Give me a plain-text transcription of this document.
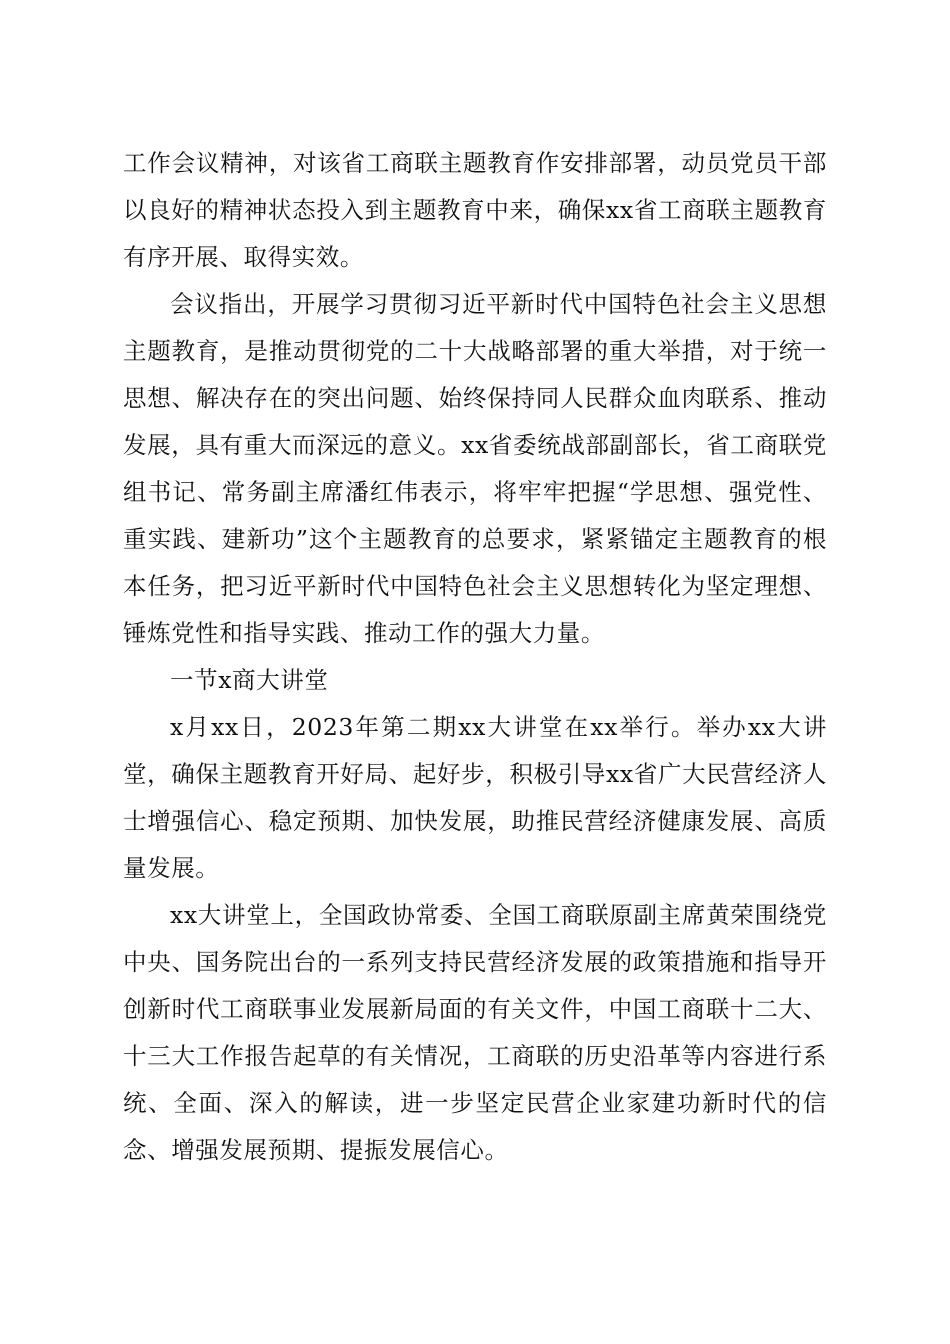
工作会议精神，对该省工商联主题教育作安排部署，动员党员干部以良好的精神状态投入到主题教育中来，确保xx省工商联主题教育有序开展、取得实效。

会议指出，开展学习贯彻习近平新时代中国特色社会主义思想主题教育，是推动贯彻党的二十大战略部署的重大举措，对于统一思想、解决存在的突出问题、始终保持同人民群众血肉联系、推动发展，具有重大而深远的意义。xx省委统战部副部长，省工商联党组书记、常务副主席潘红伟表示，将牢牢把握“学思想、强党性、重实践、建新功”这个主题教育的总要求，紧紧锚定主题教育的根本任务，把习近平新时代中国特色社会主义思想转化为坚定理想、锤炼党性和指导实践、推动工作的强大力量。

一节x商大讲堂

x月xx日，2023年第二期xx大讲堂在xx举行。举办xx大讲堂，确保主题教育开好局、起好步，积极引导xx省广大民营经济人士增强信心、稳定预期、加快发展，助推民营经济健康发展、高质量发展。

xx大讲堂上，全国政协常委、全国工商联原副主席黄荣围绕党中央、国务院出台的一系列支持民营经济发展的政策措施和指导开创新时代工商联事业发展新局面的有关文件，中国工商联十二大、十三大工作报告起草的有关情况，工商联的历史沿革等内容进行系统、全面、深入的解读，进一步坚定民营企业家建功新时代的信念、增强发展预期、提振发展信心。
